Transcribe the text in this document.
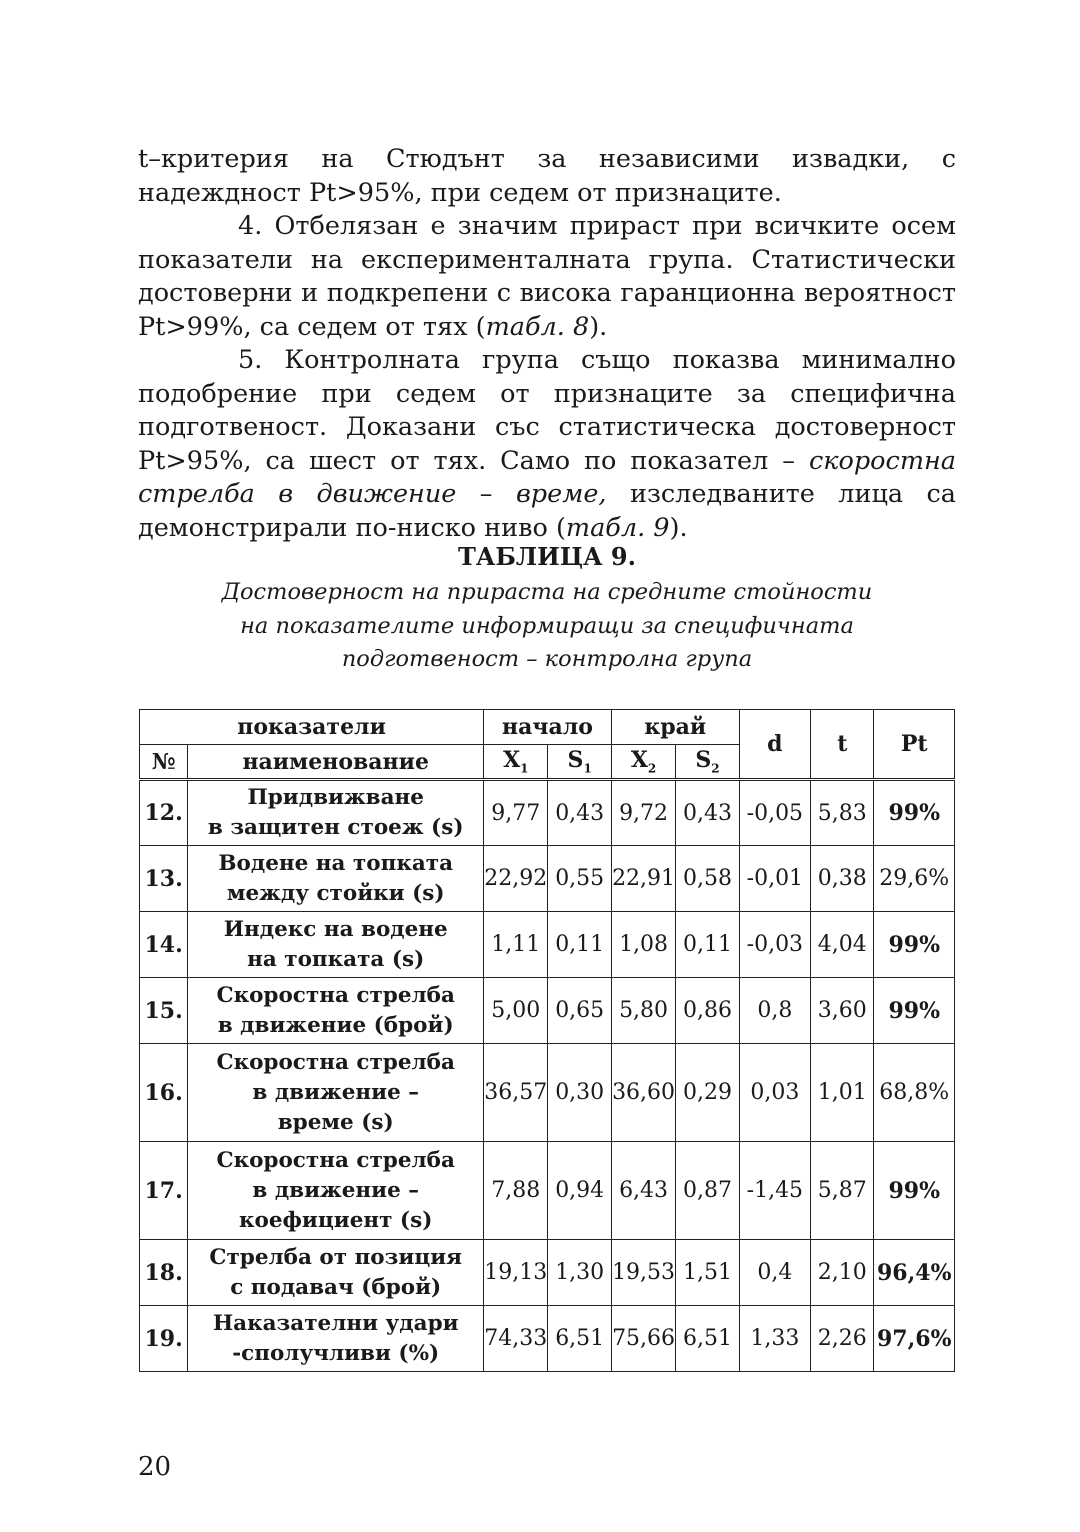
t–критерия на Стюдънт за независими извадки, с надеждност Pt>95%, при седем от признаците.

4. Отбелязан е значим прираст при всичките осем показатели на експерименталната група. Статистически достоверни и подкрепени с висока гаранционна вероятност Pt>99%, са седем от тях (табл. 8).

5. Контролната група също показва минимално подобрение при седем от признаците за специфична подготвеност. Доказани със статистическа достоверност Pt>95%, са шест от тях. Само по показател – скоростна стрелба в движение – време, изследваните лица са демонстрирали по-ниско ниво (табл. 9).

ТАБЛИЦА 9.
Достоверност на прираста на средните стойности
на показателите информиращи за специфичната
подготвеност – контролна група
показатели		начало		край		d	t	Pt
№	наименование	$X_1$	$S_1$	$X_2$	$S_2$
12.	Придвижване
в защитен стоеж (s)	9,77	0,43	9,72	0,43	-0,05	5,83	99%
13.	Водене на топката
между стойки (s)	22,92	0,55	22,91	0,58	-0,01	0,38	29,6%
14.	Индекс на водене
на топката (s)	1,11	0,11	1,08	0,11	-0,03	4,04	99%
15.	Скоростна стрелба
в движение (брой)	5,00	0,65	5,80	0,86	0,8	3,60	99%
16.	Скоростна стрелба
в движение –
време (s)	36,57	0,30	36,60	0,29	0,03	1,01	68,8%
17.	Скоростна стрелба
в движение –
коефициент (s)	7,88	0,94	6,43	0,87	-1,45	5,87	99%
18.	Стрелба от позиция
с подавач (брой)	19,13	1,30	19,53	1,51	0,4	2,10	96,4%
19.	Наказателни удари
-сполучливи (%)	74,33	6,51	75,66	6,51	1,33	2,26	97,6%
20
